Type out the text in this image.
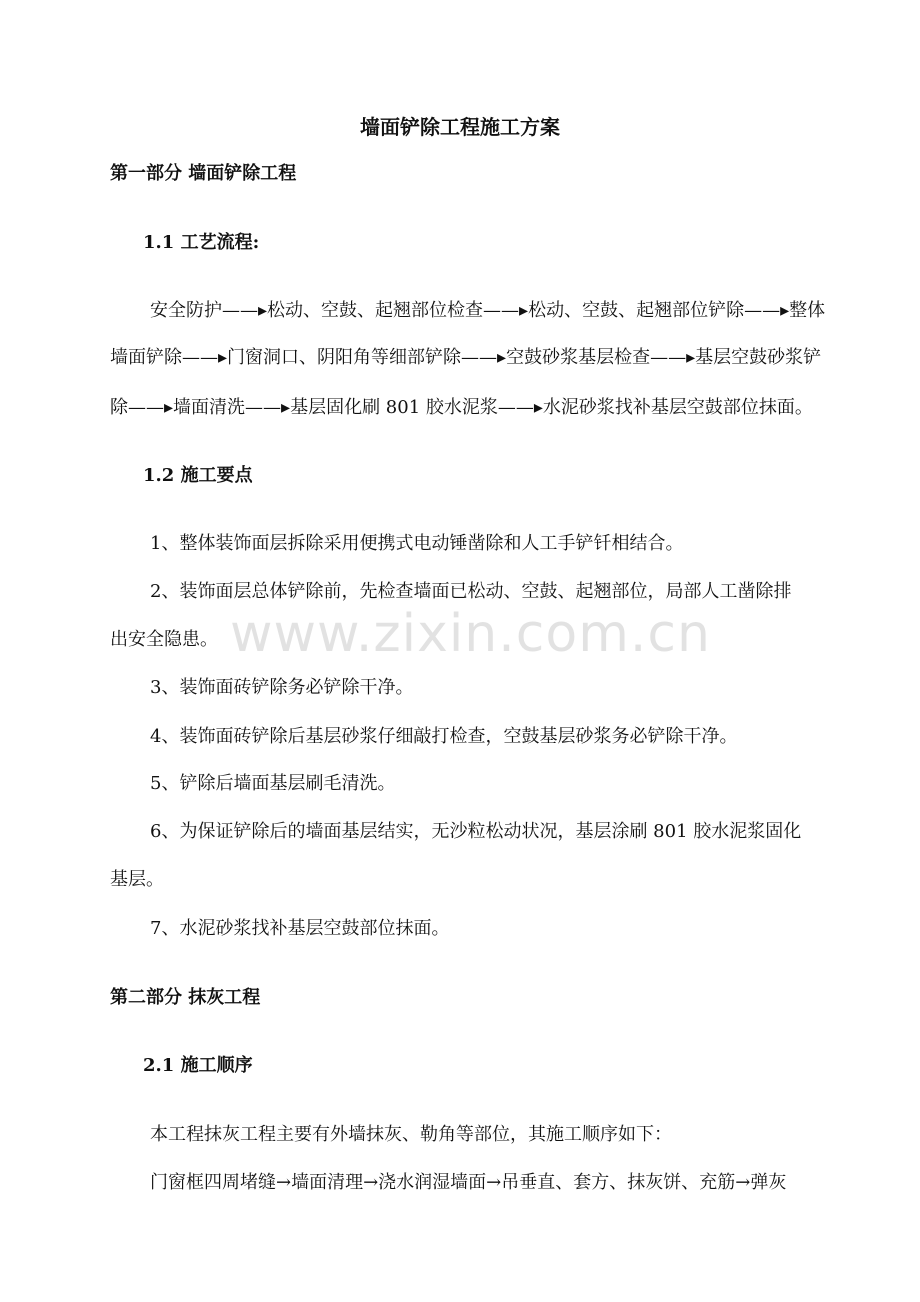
墙面铲除工程施工方案
第一部分 墙面铲除工程
1.1 工艺流程:
安全防护——▸松动、空鼓、起翘部位检查——▸松动、空鼓、起翘部位铲除——▸整体
墙面铲除——▸门窗洞口、阴阳角等细部铲除——▸空鼓砂浆基层检查——▸基层空鼓砂浆铲
除——▸墙面清洗——▸基层固化刷 801 胶水泥浆——▸水泥砂浆找补基层空鼓部位抹面。
1.2 施工要点
1、整体装饰面层拆除采用便携式电动锤凿除和人工手铲钎相结合。
2、装饰面层总体铲除前，先检查墙面已松动、空鼓、起翘部位，局部人工凿除排
出安全隐患。
3、装饰面砖铲除务必铲除干净。
4、装饰面砖铲除后基层砂浆仔细敲打检查，空鼓基层砂浆务必铲除干净。
5、铲除后墙面基层刷毛清洗。
6、为保证铲除后的墙面基层结实，无沙粒松动状况，基层涂刷 801 胶水泥浆固化
基层。
7、水泥砂浆找补基层空鼓部位抹面。
第二部分 抹灰工程
2.1 施工顺序
本工程抹灰工程主要有外墙抹灰、勒角等部位，其施工顺序如下：
门窗框四周堵缝→墙面清理→浇水润湿墙面→吊垂直、套方、抹灰饼、充筋→弹灰
www.zixin.com.cn
